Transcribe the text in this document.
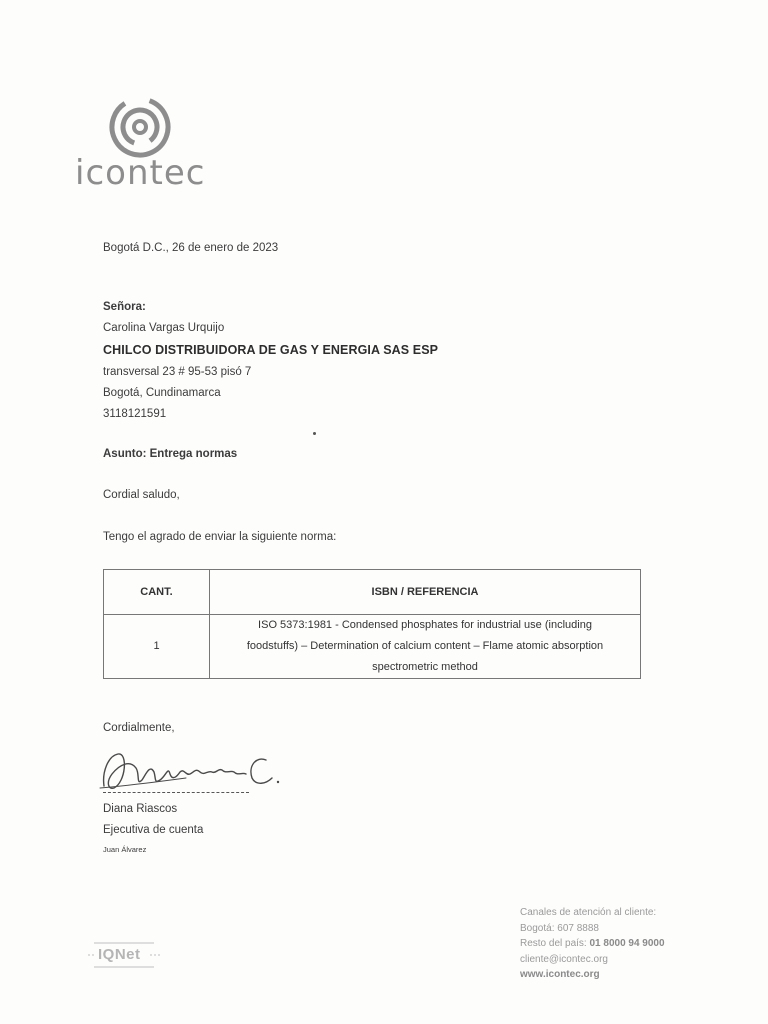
icontec
Bogotá D.C., 26 de enero de 2023
Señora:
Carolina Vargas Urquijo
CHILCO DISTRIBUIDORA DE GAS Y ENERGIA SAS ESP
transversal 23 # 95-53 pisó 7
Bogotá, Cundinamarca
3118121591
Asunto: Entrega normas
Cordial saludo,
Tengo el agrado de enviar la siguiente norma:
CANT.	ISBN / REFERENCIA
1	ISO 5373:1981 - Condensed phosphates for industrial use (including
foodstuffs) – Determination of calcium content – Flame atomic absorption
spectrometric method
Cordialmente,
Diana Riascos
Ejecutiva de cuenta
Juan Álvarez
IQNet
Canales de atención al cliente:
Bogotá: 607 8888
Resto del país: 01 8000 94 9000
cliente@icontec.org
www.icontec.org
